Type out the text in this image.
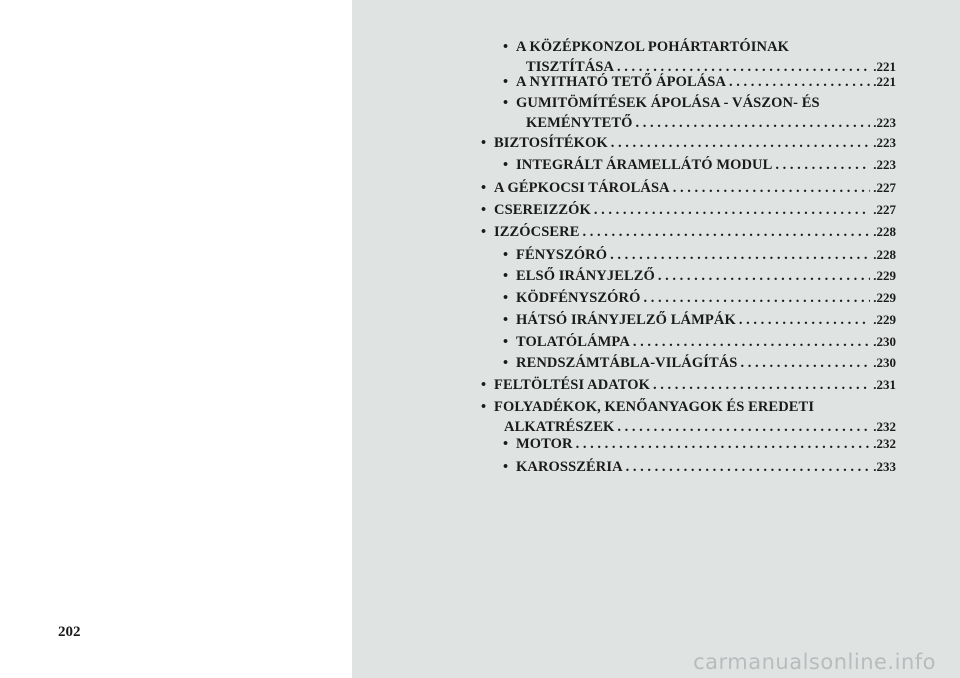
• A KÖZÉPKONZOL POHÁRTARTÓINAK
TISZTÍTÁSA . . .	.221
• A NYITHATÓ TETŐ ÁPOLÁSA . . .	.221
• GUMITÖMÍTÉSEK ÁPOLÁSA - VÁSZON- ÉS
KEMÉNYTETŐ . . .	.223
• BIZTOSÍTÉKOK . . .	.223
• INTEGRÁLT ÁRAMELLÁTÓ MODUL . . .	.223
• A GÉPKOCSI TÁROLÁSA . . .	.227
• CSEREIZZÓK . . .	.227
• IZZÓCSERE . . .	.228
• FÉNYSZÓRÓ . . .	.228
• ELSŐ IRÁNYJELZŐ . . .	.229
• KÖDFÉNYSZÓRÓ . . .	.229
• HÁTSÓ IRÁNYJELZŐ LÁMPÁK . . .	.229
• TOLATÓLÁMPA . . .	.230
• RENDSZÁMTÁBLA-VILÁGÍTÁS . . .	.230
• FELTÖLTÉSI ADATOK . . .	.231
• FOLYADÉKOK, KENŐANYAGOK ÉS EREDETI
ALKATRÉSZEK . . .	.232
• MOTOR . . .	.232
• KAROSSZÉRIA . . .	.233
202
carmanualsonline.info
